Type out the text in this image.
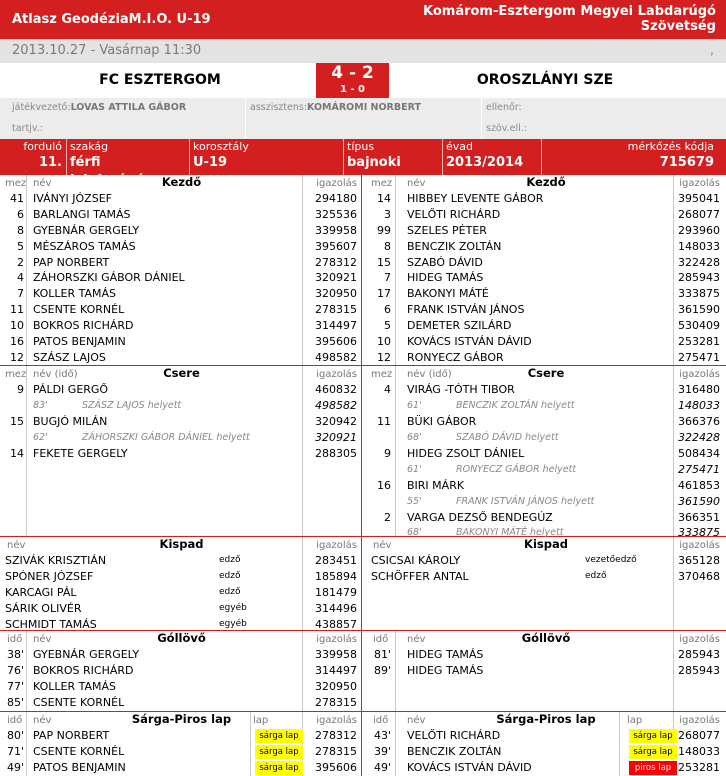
Atlasz GeodéziaM.I.O. U-19
Komárom-Esztergom Megyei Labdarúgó Szövetség
2013.10.27 - Vasárnap 11:30	,
FC ESZTERGOM	4 - 2
1 - 0
OROSZLÁNYI SZE
játékvezető:LOVAS ATTILA GÁBOR	asszisztens:KOMÁROMI NORBERT	ellenőr:
tartjv.:	szöv.ell.:
forduló
11.
szakág
férfi labdarúgás
korosztály
U-19
típus
bajnoki
évad
2013/2014
mérkőzés kódja
715679
mez név	Kezdő	igazolás
41 IVÁNYI JÓZSEF	294180
6 BARLANGI TAMÁS	325536
8 GYEBNÁR GERGELY	339958
5 MÉSZÁROS TAMÁS	395607
2 PAP NORBERT	278312
4 ZÁHORSZKI GÁBOR DÁNIEL	320921
7 KOLLER TAMÁS	320950
11 CSENTE KORNÉL	278315
10 BOKROS RICHÁRD	314497
16 PATOS BENJAMIN	395606
12 SZÁSZ LAJOS	498582
mez név (idő)	Csere	igazolás
9 PÁLDI GERGŐ	460832
83'	SZÁSZ LAJOS helyett	498582
15 BUGJÓ MILÁN	320942
62'	ZÁHORSZKI GÁBOR DÁNIEL helyett	320921
14 FEKETE GERGELY	288305
név	Kispad	igazolás
SZIVÁK KRISZTIÁN	edző	283451
SPÓNER JÓZSEF	edző	185894
KARCAGI PÁL	edző	181479
SÁRIK OLIVÉR	egyéb	314496
SCHMIDT TAMÁS	egyéb	438857
idő név	Góllövő	igazolás
38' GYEBNÁR GERGELY	339958
76' BOKROS RICHÁRD	314497
77' KOLLER TAMÁS	320950
85' CSENTE KORNÉL	278315
idő név	Sárga-Piros lap	lap	igazolás
80' PAP NORBERT	sárga lap	278312
71' CSENTE KORNÉL	sárga lap	278315
49' PATOS BENJAMIN	sárga lap	395606
mez név	Kezdő	igazolás
14 HIBBEY LEVENTE GÁBOR	395041
3 VELŐTI RICHÁRD	268077
99 SZELES PÉTER	293960
8 BENCZIK ZOLTÁN	148033
15 SZABÓ DÁVID	322428
7 HIDEG TAMÁS	285943
17 BAKONYI MÁTÉ	333875
6 FRANK ISTVÁN JÁNOS	361590
5 DEMETER SZILÁRD	530409
10 KOVÁCS ISTVÁN DÁVID	253281
12 RONYECZ GÁBOR	275471
mez név (idő)	Csere	igazolás
4 VIRÁG -TÓTH TIBOR	316480
61'	BENCZIK ZOLTÁN helyett	148033
11 BÜKI GÁBOR	366376
68'	SZABÓ DÁVID helyett	322428
9 HIDEG ZSOLT DÁNIEL	508434
61'	RONYECZ GÁBOR helyett	275471
16 BIRI MÁRK	461853
55'	FRANK ISTVÁN JÁNOS helyett	361590
2 VARGA DEZSŐ BENDEGÚZ	366351
68'	BAKONYI MÁTÉ helyett	333875
név	Kispad	igazolás
CSICSAI KÁROLY	vezetőedző	365128
SCHÖFFER ANTAL	edző	370468
idő név	Góllövő	igazolás
81' HIDEG TAMÁS	285943
89' HIDEG TAMÁS	285943
idő név	Sárga-Piros lap	lap	igazolás
43' VELŐTI RICHÁRD	sárga lap 268077
39' BENCZIK ZOLTÁN	sárga lap 148033
49' KOVÁCS ISTVÁN DÁVID	piros lap 253281
